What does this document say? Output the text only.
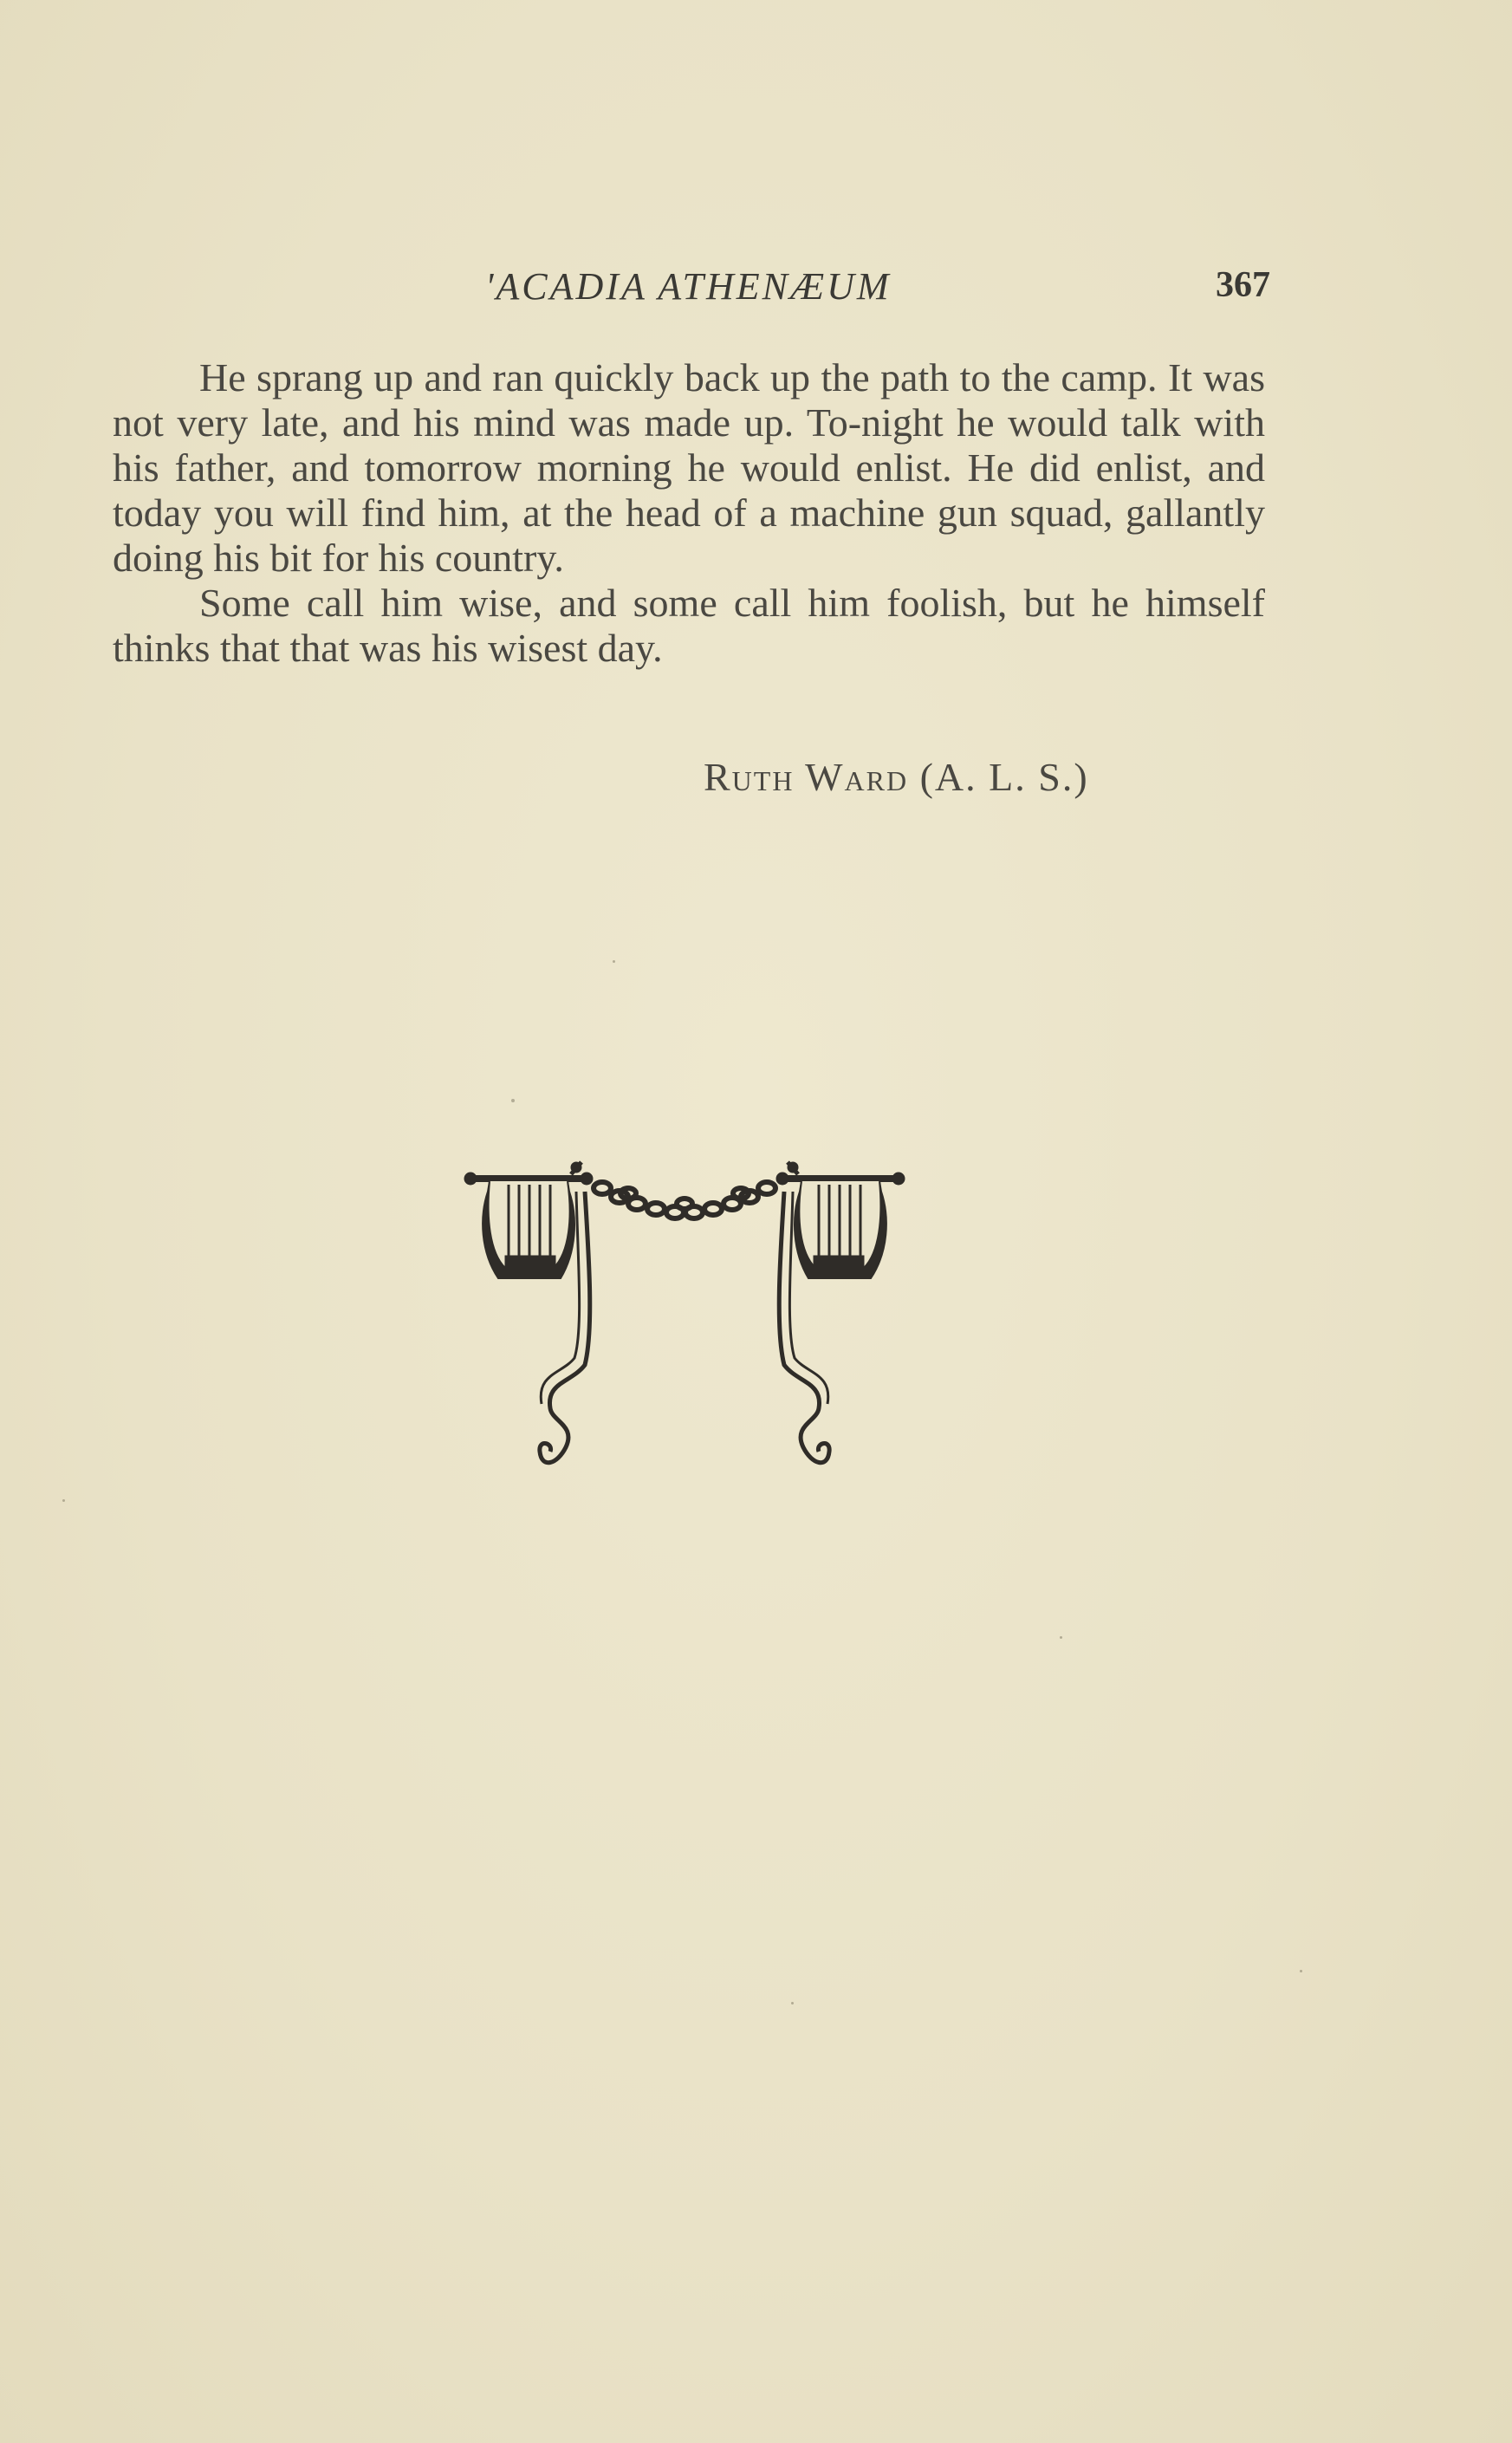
'ACADIA ATHENÆUM	367

He sprang up and ran quickly back up the path to the camp. It was not very late, and his mind was made up. To-night he would talk with his father, and tomorrow morning he would enlist. He did enlist, and today you will find him, at the head of a machine gun squad, gallantly doing his bit for his country.

Some call him wise, and some call him foolish, but he himself thinks that that was his wisest day.

Ruth Ward (A. L. S.)
